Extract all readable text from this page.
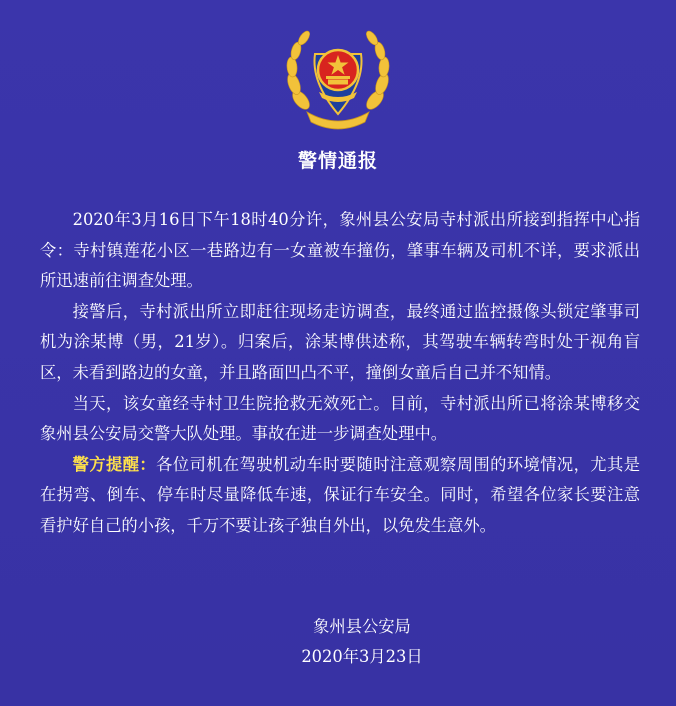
警情通报

2020年3月16日下午18时40分许，象州县公安局寺村派出所接到指挥中心指令：寺村镇莲花小区一巷路边有一女童被车撞伤，肇事车辆及司机不详，要求派出所迅速前往调查处理。

接警后，寺村派出所立即赶往现场走访调查，最终通过监控摄像头锁定肇事司机为涂某博（男，21岁）。归案后，涂某博供述称，其驾驶车辆转弯时处于视角盲区，未看到路边的女童，并且路面凹凸不平，撞倒女童后自己并不知情。

当天，该女童经寺村卫生院抢救无效死亡。目前，寺村派出所已将涂某博移交象州县公安局交警大队处理。事故在进一步调查处理中。

警方提醒：各位司机在驾驶机动车时要随时注意观察周围的环境情况，尤其是在拐弯、倒车、停车时尽量降低车速，保证行车安全。同时，希望各位家长要注意看护好自己的小孩，千万不要让孩子独自外出，以免发生意外。

象州县公安局
2020年3月23日
